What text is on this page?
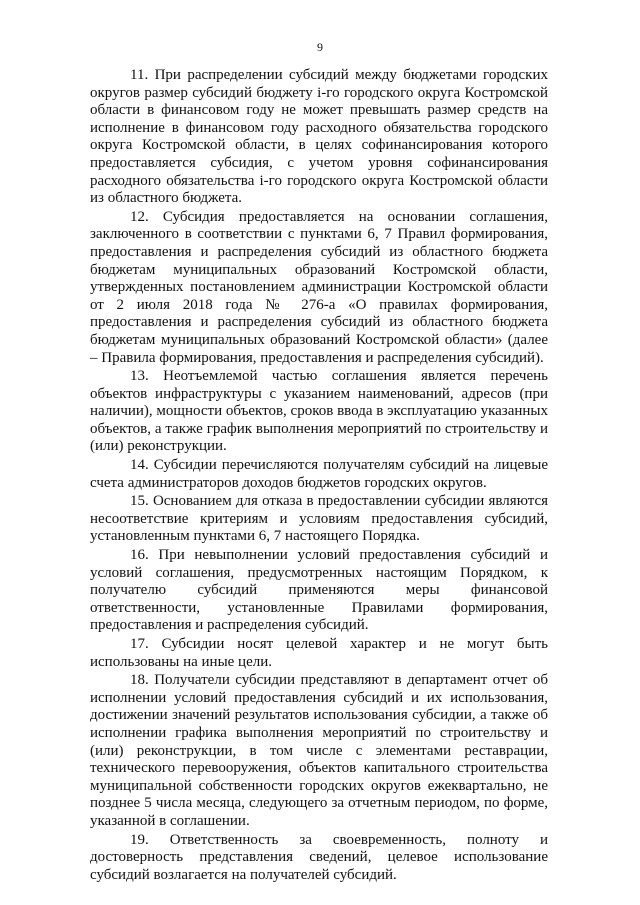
9

11. При распределении субсидий между бюджетами городских округов размер субсидий бюджету i-го городского округа Костромской области в финансовом году не может превышать размер средств на исполнение в финансовом году расходного обязательства городского округа Костромской области, в целях софинансирования которого предоставляется субсидия, с учетом уровня софинансирования расходного обязательства i-го городского округа Костромской области из областного бюджета.

12. Субсидия предоставляется на основании соглашения, заключенного в соответствии с пунктами 6, 7 Правил формирования, предоставления и распределения субсидий из областного бюджета бюджетам муниципальных образований Костромской области, утвержденных постановлением администрации Костромской области от 2 июля 2018 года № 276-а «О правилах формирования, предоставления и распределения субсидий из областного бюджета бюджетам муниципальных образований Костромской области» (далее – Правила формирования, предоставления и распределения субсидий).

13. Неотъемлемой частью соглашения является перечень объектов инфраструктуры с указанием наименований, адресов (при наличии), мощности объектов, сроков ввода в эксплуатацию указанных объектов, а также график выполнения мероприятий по строительству и (или) реконструкции.

14. Субсидии перечисляются получателям субсидий на лицевые счета администраторов доходов бюджетов городских округов.

15. Основанием для отказа в предоставлении субсидии являются несоответствие критериям и условиям предоставления субсидий, установленным пунктами 6, 7 настоящего Порядка.

16. При невыполнении условий предоставления субсидий и условий соглашения, предусмотренных настоящим Порядком, к получателю субсидий применяются меры финансовой ответственности, установленные Правилами формирования, предоставления и распределения субсидий.

17. Субсидии носят целевой характер и не могут быть использованы на иные цели.

18. Получатели субсидии представляют в департамент отчет об исполнении условий предоставления субсидий и их использования, достижении значений результатов использования субсидии, а также об исполнении графика выполнения мероприятий по строительству и (или) реконструкции, в том числе с элементами реставрации, технического перевооружения, объектов капитального строительства муниципальной собственности городских округов ежеквартально, не позднее 5 числа месяца, следующего за отчетным периодом, по форме, указанной в соглашении.

19. Ответственность за своевременность, полноту и достоверность представления сведений, целевое использование субсидий возлагается на получателей субсидий.
